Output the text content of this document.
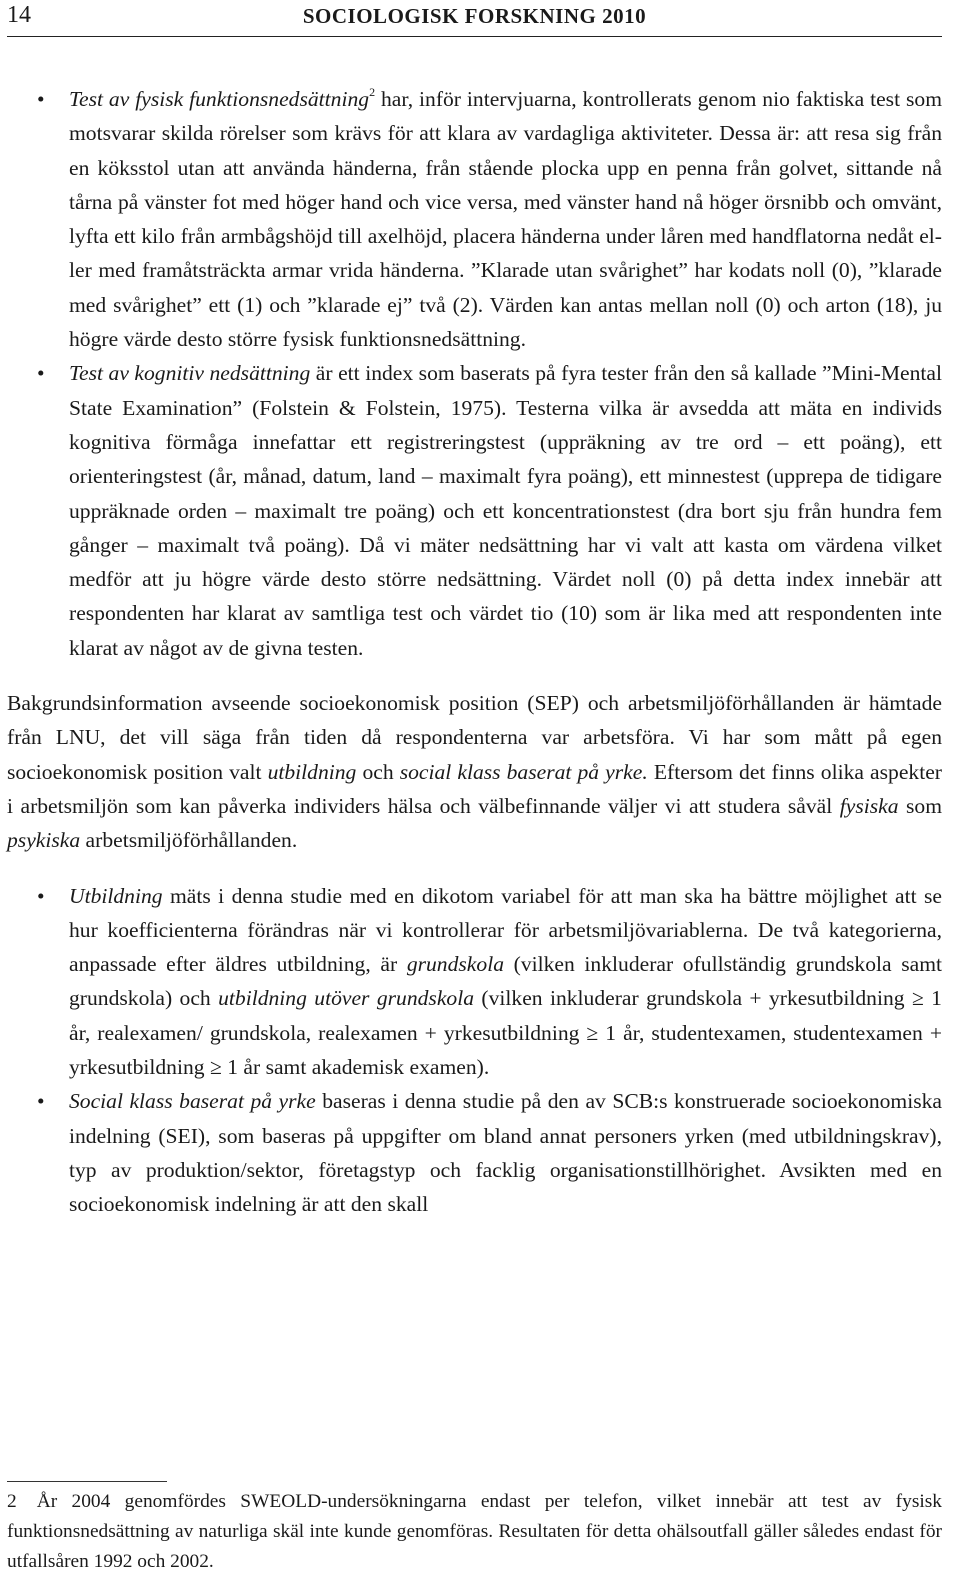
14	SOCIOLOGISK FORSKNING 2010
• Test av fysisk funktionsnedsättning$^2$ har, inför intervjuarna, kontrollerats genom nio faktiska test som motsvarar skilda rörelser som krävs för att klara av vardagliga aktiviteter. Dessa är: att resa sig från en köksstol utan att använda händerna, från stående plocka upp en penna från golvet, sittande nå tårna på vänster fot med höger hand och vice versa, med vänster hand nå höger örsnibb och omvänt, lyfta ett kilo från armbågshöjd till axelhöjd, placera händerna under låren med handflatorna nedåt eller med framåtsträckta armar vrida händerna. ”Klarade utan svårighet” har kodats noll (0), ”klarade med svårighet” ett (1) och ”klarade ej” två (2). Värden kan antas mellan noll (0) och arton (18), ju högre värde desto större fysisk funktionsnedsättning.
• Test av kognitiv nedsättning är ett index som baserats på fyra tester från den så kallade ”Mini-Mental State Examination” (Folstein & Folstein, 1975). Testerna vilka är avsedda att mäta en individs kognitiva förmåga innefattar ett registreringstest (uppräkning av tre ord – ett poäng), ett orienteringstest (år, månad, datum, land – maximalt fyra poäng), ett minnestest (upprepa de tidigare uppräknade orden – maximalt tre poäng) och ett koncentrationstest (dra bort sju från hundra fem gånger – maximalt två poäng). Då vi mäter nedsättning har vi valt att kasta om värdena vilket medför att ju högre värde desto större nedsättning. Värdet noll (0) på detta index innebär att respondenten har klarat av samtliga test och värdet tio (10) som är lika med att respondenten inte klarat av något av de givna testen.

Bakgrundsinformation avseende socioekonomisk position (SEP) och arbetsmiljöförhållanden är hämtade från LNU, det vill säga från tiden då respondenterna var arbetsföra. Vi har som mått på egen socioekonomisk position valt utbildning och social klass baserat på yrke. Eftersom det finns olika aspekter i arbetsmiljön som kan påverka individers hälsa och välbefinnande väljer vi att studera såväl fysiska som psykiska arbetsmiljöförhållanden.

• Utbildning mäts i denna studie med en dikotom variabel för att man ska ha bättre möjlighet att se hur koefficienterna förändras när vi kontrollerar för arbetsmiljövariablerna. De två kategorierna, anpassade efter äldres utbildning, är grundskola (vilken inkluderar ofullständig grundskola samt grundskola) och utbildning utöver grundskola (vilken inkluderar grundskola + yrkesutbildning ≥ 1 år, realexamen/ grundskola, realexamen + yrkesutbildning ≥ 1 år, studentexamen, studentexamen + yrkesutbildning ≥ 1 år samt akademisk examen).
• Social klass baserat på yrke baseras i denna studie på den av SCB:s konstruerade socioekonomiska indelning (SEI), som baseras på uppgifter om bland annat personers yrken (med utbildningskrav), typ av produktion/sektor, företagstyp och facklig organisationstillhörighet. Avsikten med en socioekonomisk indelning är att den skall
2 År 2004 genomfördes SWEOLD-undersökningarna endast per telefon, vilket innebär att test av fysisk funktionsnedsättning av naturliga skäl inte kunde genomföras. Resultaten för detta ohälsoutfall gäller således endast för utfallsåren 1992 och 2002.
